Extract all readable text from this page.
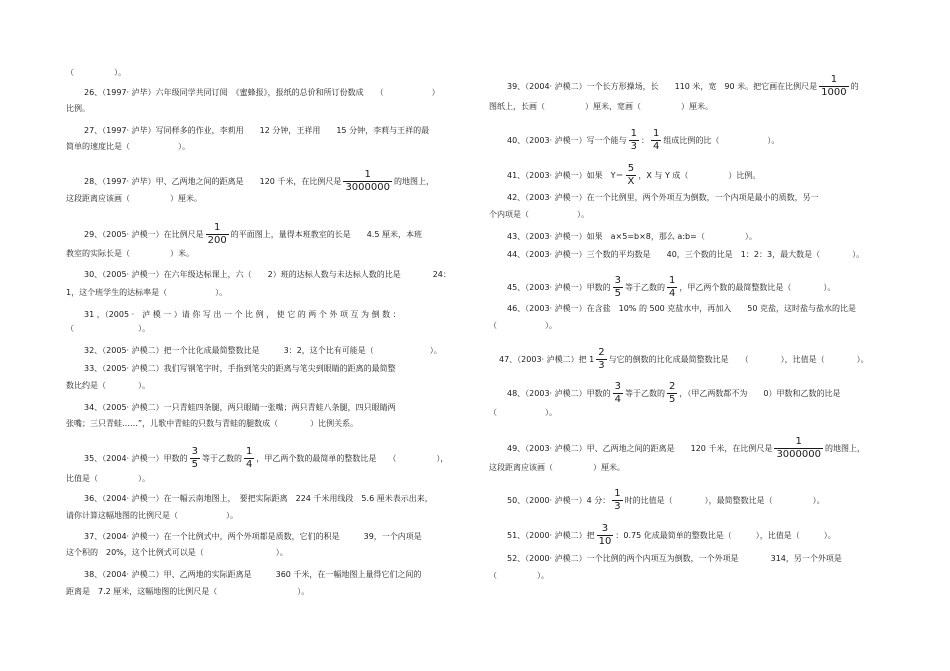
（　　　　　）。
26、（1997· 泸毕）六年级同学共同订阅　《蜜蜂报》，报纸的总价和所订份数成　　（　　　　　　）
比例。
27、（1997· 泸毕）写同样多的作业，李莉用　　12 分钟，王祥用　　15 分钟，李莉与王祥的最
简单的速度比是（　　　　　　）。
28、（1997· 泸毕）甲、乙两地之间的距离是　　120 千米，在比例尺是 $\frac{1}{3000000}$ 的地图上，
这段距离应该画（　　　　　）厘米。
29、（2005· 泸模一）在比例尺是 $\frac{1}{200}$ 的平面图上，量得本班教室的长是　　4.5 厘米，本班
教室的实际长是（　　　　　）米。
30、（2005· 泸模一）在六年级达标课上，六（　　2）班的达标人数与未达标人数的比是　　　　24：
1，这个班学生的达标率是（　　　　　　）。
31 ，（2005 ·　泸 模 一 ）请 你 写 出 一 个 比 例 ， 使 它 的 两 个 外 项 互 为 倒 数 ：
（　　　　　　　　）。
32、（2005· 泸模二）把一个比化成最简整数比是　　　3：2，这个比有可能是（　　　　　　　）。
33、（2005· 泸模二）我们写钢笔字时，手指到笔尖的距离与笔尖到眼睛的距离的最简整
数比约是（　　　　）。
34、（2005· 泸模二）一只青蛙四条腿，两只眼睛一张嘴；两只青蛙八条腿，四只眼睛两
张嘴；三只青蛙……”，儿歌中青蛙的只数与青蛙的腿数成（　　　　）比例关系。
35、（2004· 泸模一）甲数的 $\frac{3}{5}$ 等于乙数的 $\frac{1}{4}$ ，甲乙两个数的最简单的整数比是　　（　　　　　），
比值是（　　　　　）。
36、（2004· 泸模一）在一幅云南地图上，　要把实际距离　224 千米用线段　5.6 厘米表示出来，
请你计算这幅地图的比例尺是（　　　　　　）。
37、（2004· 泸模一）在一个比例式中，两个外项都是质数，它们的积是　　　39，一个内项是
这个积的　20%，这个比例式可以是（　　　　　　　　　）。
38、（2004· 泸模二）甲、乙两地的实际距离是　　　360 千米，在一幅地图上量得它们之间的
距离是　7.2 厘米，这幅地图的比例尺是（　　　　　　　　　　）。
39、（2004· 泸模二）一个长方形操场，长　　110 米，宽　90 米。把它画在比例尺是 $\frac{1}{1000}$ 的
图纸上，长画（　　　　　）厘米，宽画（　　　　　）厘米。
40、（2003· 泸模一）写一个能与 $\frac{1}{3}$ ： $\frac{1}{4}$ 组成比例的比（　　　　　　）。
41、（2003· 泸模一）如果　$Y= \frac{5}{X}$ ，X 与 Y 成（　　　　　）比例。
42、（2003· 泸模一）在一个比例里，两个外项互为倒数，一个内项是最小的质数，另一
个内项是（　　　　　　）。
43、（2003· 泸模一）如果　a×5=b×8，那么 a:b=（　　　　　）。
44、（2003· 泸模一）三个数的平均数是　　40，三个数的比是　1：2：3，最大数是（　　　　）。
45、（2003· 泸模一）甲数的 $\frac{3}{5}$ 等于乙数的 $\frac{1}{4}$ ，甲乙两个数的最简整数比是（　　　　）。
46、（2003· 泸模一）在含盐　10% 的 500 克盐水中，再加入　　50 克盐，这时盐与盐水的比是
（　　　　　　）。
47、（2003· 泸模二）把 $1 \frac{2}{3}$ 与它的倒数的比化成最简整数比是　　（　　　　），比值是（　　　　）。
48、（2003· 泸模二）甲数的 $\frac{3}{4}$ 等于乙数的 $\frac{2}{5}$ ，（甲乙两数都不为　　0）甲数和乙数的比是
（　　　　　　）。
49、（2003· 泸模二）甲、乙两地之间的距离是　　120 千米，在比例尺是 $\frac{1}{3000000}$ 的地图上，
这段距离应该画（　　　　　）厘米。
50、（2000· 泸模一）4 分： $\frac{1}{3}$ 时的比值是（　　　　），最简整数比是（　　　　　）。
51、（2000· 泸模二）把 $\frac{3}{10}$ ：0.75 化成最简单的整数比是（　　　），比值是（　　　）。
52、（2000· 泸模二）一个比例的两个内项互为倒数，一个外项是　　　　314，另一个外项是
（　　　　　）。
